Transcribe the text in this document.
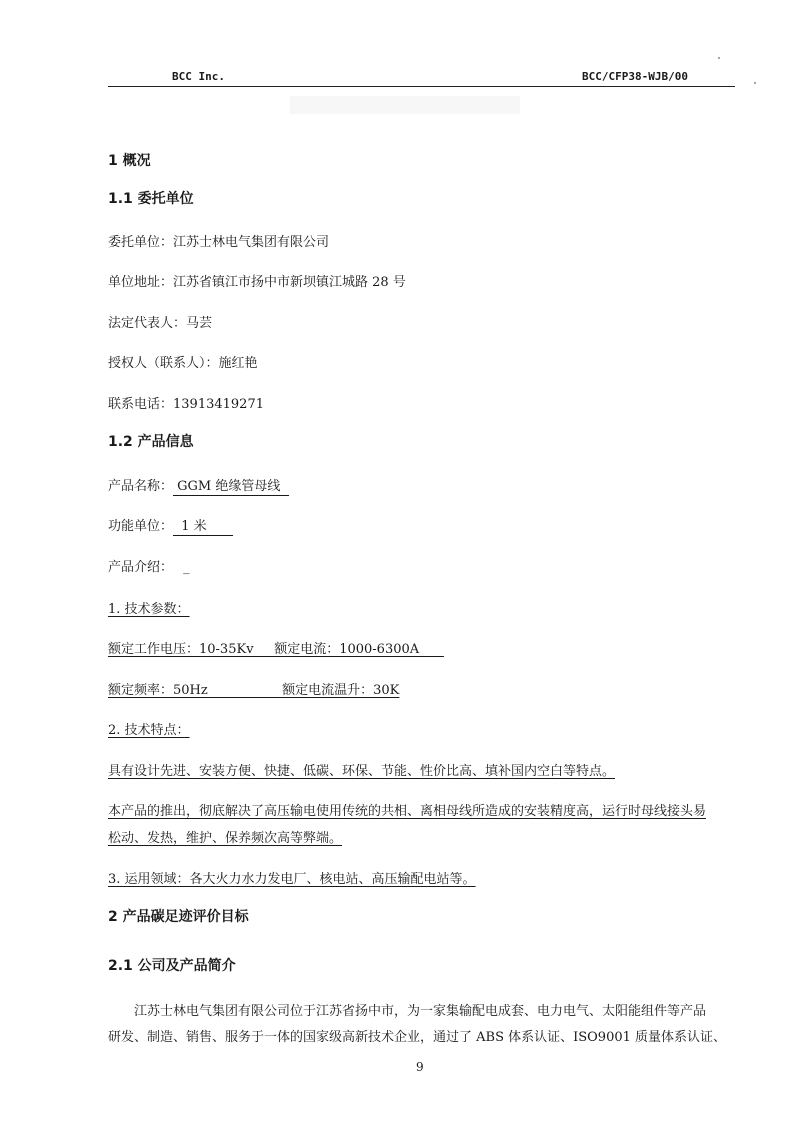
BCC Inc.	BCC/CFP38-WJB/00
1 概况
1.1 委托单位
委托单位：江苏士林电气集团有限公司
单位地址：江苏省镇江市扬中市新坝镇江城路 28 号
法定代表人：马芸
授权人（联系人）：施红艳
联系电话：13913419271
1.2 产品信息
产品名称： GGM 绝缘管母线
功能单位：  1 米
产品介绍： _
1. 技术参数：
额定工作电压：10-35Kv     额定电流：1000-6300A
额定频率：50Hz                  额定电流温升：30K
2. 技术特点：
具有设计先进、安装方便、快捷、低碳、环保、节能、性价比高、填补国内空白等特点。
本产品的推出，彻底解决了高压输电使用传统的共相、离相母线所造成的安装精度高，运行时母线接头易
松动、发热，维护、保养频次高等弊端。
3. 运用领域：各大火力水力发电厂、核电站、高压输配电站等。
2 产品碳足迹评价目标
2.1 公司及产品简介
江苏士林电气集团有限公司位于江苏省扬中市，为一家集输配电成套、电力电气、太阳能组件等产品
研发、制造、销售、服务于一体的国家级高新技术企业，通过了 ABS 体系认证、ISO9001 质量体系认证、
9
